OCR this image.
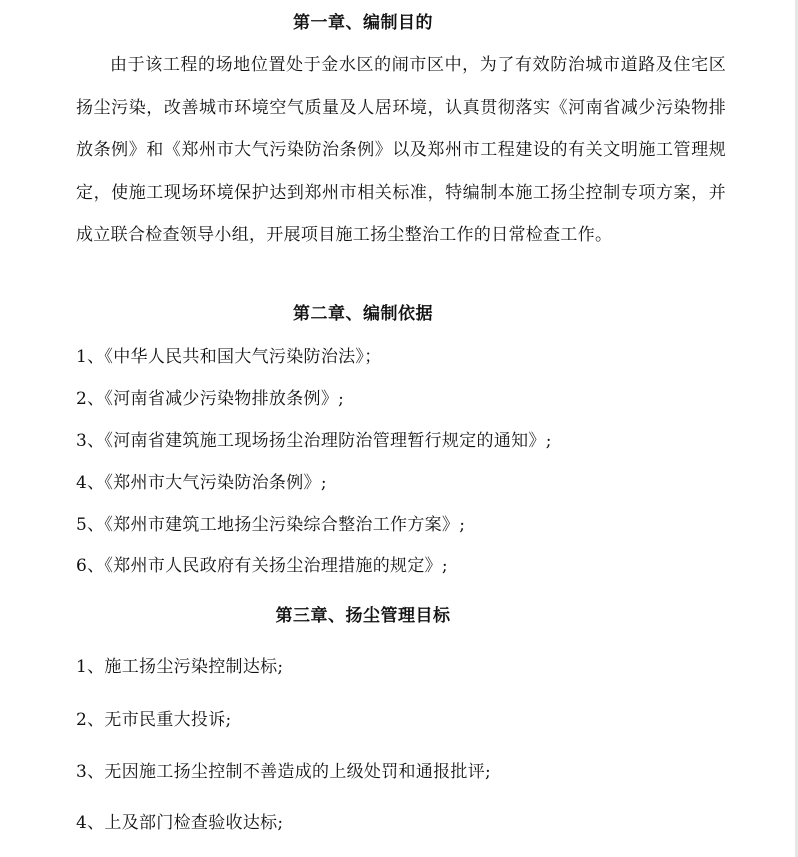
第一章、编制目的
由于该工程的场地位置处于金水区的闹市区中，为了有效防治城市道路及住宅区扬尘污染，改善城市环境空气质量及人居环境，认真贯彻落实《河南省减少污染物排放条例》和《郑州市大气污染防治条例》以及郑州市工程建设的有关文明施工管理规定，使施工现场环境保护达到郑州市相关标准，特编制本施工扬尘控制专项方案，并成立联合检查领导小组，开展项目施工扬尘整治工作的日常检查工作。
第二章、编制依据
1、《中华人民共和国大气污染防治法》；
2、《河南省减少污染物排放条例》;
3、《河南省建筑施工现场扬尘治理防治管理暂行规定的通知》;
4、《郑州市大气污染防治条例》;
5、《郑州市建筑工地扬尘污染综合整治工作方案》;
6、《郑州市人民政府有关扬尘治理措施的规定》;
第三章、扬尘管理目标
1、施工扬尘污染控制达标;
2、无市民重大投诉;
3、无因施工扬尘控制不善造成的上级处罚和通报批评;
4、上及部门检查验收达标;
